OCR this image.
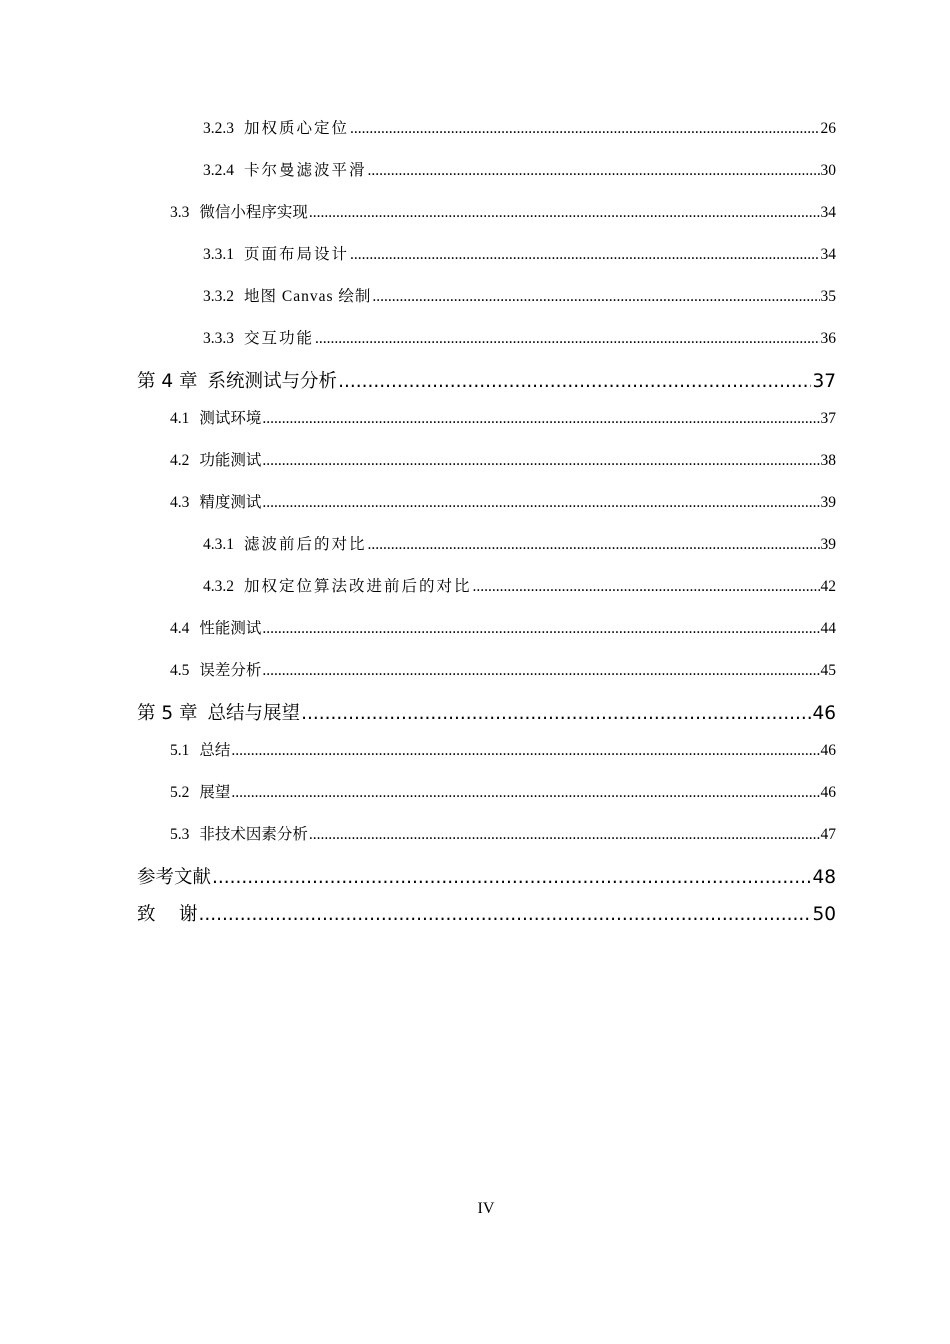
3.2.3 加权质心定位 .....	26
3.2.4 卡尔曼滤波平滑 .....	30
3.3 微信小程序实现 .....	34
3.3.1 页面布局设计 .....	34
3.3.2 地图 Canvas 绘制 .....	35
3.3.3 交互功能 .....	36
第 4 章 系统测试与分析 .....	37
4.1 测试环境 .....	37
4.2 功能测试 .....	38
4.3 精度测试 .....	39
4.3.1 滤波前后的对比 .....	39
4.3.2 加权定位算法改进前后的对比 .....	42
4.4 性能测试 .....	44
4.5 误差分析 .....	45
第 5 章 总结与展望 .....	46
5.1 总结 .....	46
5.2 展望 .....	46
5.3 非技术因素分析 .....	47
参考文献 .....	48
致    谢 .....	50
IV
